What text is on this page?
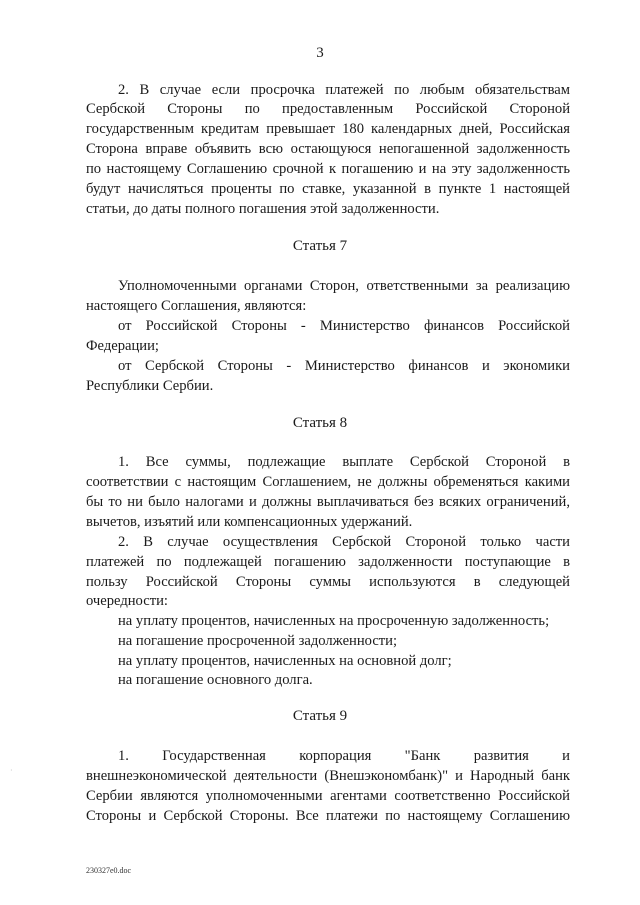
3
2. В случае если просрочка платежей по любым обязательствам
Сербской Стороны по предоставленным Российской Стороной
государственным кредитам превышает 180 календарных дней, Российская
Сторона вправе объявить всю остающуюся непогашенной задолженность
по настоящему Соглашению срочной к погашению и на эту задолженность
будут начисляться проценты по ставке, указанной в пункте 1 настоящей
статьи, до даты полного погашения этой задолженности.
Статья 7
Уполномоченными органами Сторон, ответственными за реализацию
настоящего Соглашения, являются:
от Российской Стороны - Министерство финансов Российской
Федерации;
от Сербской Стороны - Министерство финансов и экономики
Республики Сербии.
Статья 8
1. Все суммы, подлежащие выплате Сербской Стороной в
соответствии с настоящим Соглашением, не должны обременяться какими
бы то ни было налогами и должны выплачиваться без всяких ограничений,
вычетов, изъятий или компенсационных удержаний.
2. В случае осуществления Сербской Стороной только части
платежей по подлежащей погашению задолженности поступающие в
пользу Российской Стороны суммы используются в следующей
очередности:
на уплату процентов, начисленных на просроченную задолженность;
на погашение просроченной задолженности;
на уплату процентов, начисленных на основной долг;
на погашение основного долга.
Статья 9
1. Государственная корпорация "Банк развития и
внешнеэкономической деятельности (Внешэкономбанк)" и Народный банк
Сербии являются уполномоченными агентами соответственно Российской
Стороны и Сербской Стороны. Все платежи по настоящему Соглашению
230327e0.doc
·
